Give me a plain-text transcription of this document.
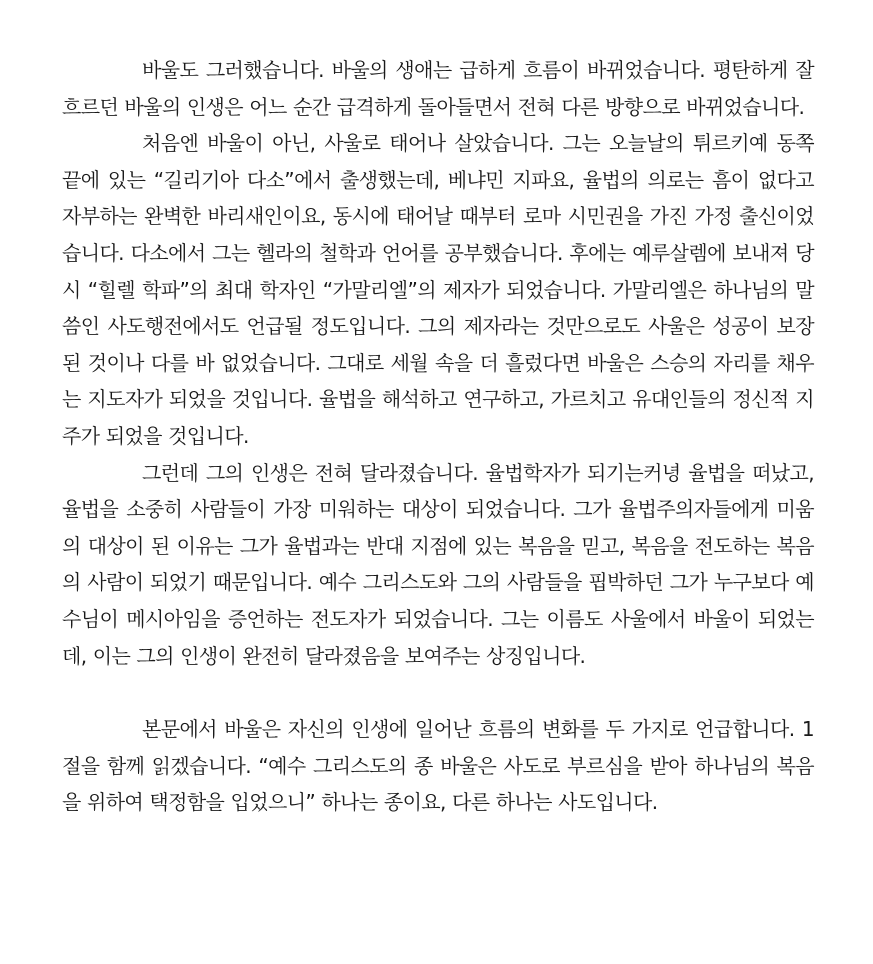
바울도 그러했습니다. 바울의 생애는 급하게 흐름이 바뀌었습니다. 평탄하게 잘 흐르던 바울의 인생은 어느 순간 급격하게 돌아들면서 전혀 다른 방향으로 바뀌었습니다.

처음엔 바울이 아닌, 사울로 태어나 살았습니다. 그는 오늘날의 튀르키예 동쪽 끝에 있는 “길리기아 다소”에서 출생했는데, 베냐민 지파요, 율법의 의로는 흠이 없다고 자부하는 완벽한 바리새인이요, 동시에 태어날 때부터 로마 시민권을 가진 가정 출신이었습니다. 다소에서 그는 헬라의 철학과 언어를 공부했습니다. 후에는 예루살렘에 보내져 당시 “힐렐 학파”의 최대 학자인 “가말리엘”의 제자가 되었습니다. 가말리엘은 하나님의 말씀인 사도행전에서도 언급될 정도입니다. 그의 제자라는 것만으로도 사울은 성공이 보장된 것이나 다를 바 없었습니다. 그대로 세월 속을 더 흘렀다면 바울은 스승의 자리를 채우는 지도자가 되었을 것입니다. 율법을 해석하고 연구하고, 가르치고 유대인들의 정신적 지주가 되었을 것입니다.

그런데 그의 인생은 전혀 달라졌습니다. 율법학자가 되기는커녕 율법을 떠났고, 율법을 소중히 사람들이 가장 미워하는 대상이 되었습니다. 그가 율법주의자들에게 미움의 대상이 된 이유는 그가 율법과는 반대 지점에 있는 복음을 믿고, 복음을 전도하는 복음의 사람이 되었기 때문입니다. 예수 그리스도와 그의 사람들을 핍박하던 그가 누구보다 예수님이 메시아임을 증언하는 전도자가 되었습니다. 그는 이름도 사울에서 바울이 되었는데, 이는 그의 인생이 완전히 달라졌음을 보여주는 상징입니다.

본문에서 바울은 자신의 인생에 일어난 흐름의 변화를 두 가지로 언급합니다. 1절을 함께 읽겠습니다. “예수 그리스도의 종 바울은 사도로 부르심을 받아 하나님의 복음을 위하여 택정함을 입었으니” 하나는 종이요, 다른 하나는 사도입니다.
